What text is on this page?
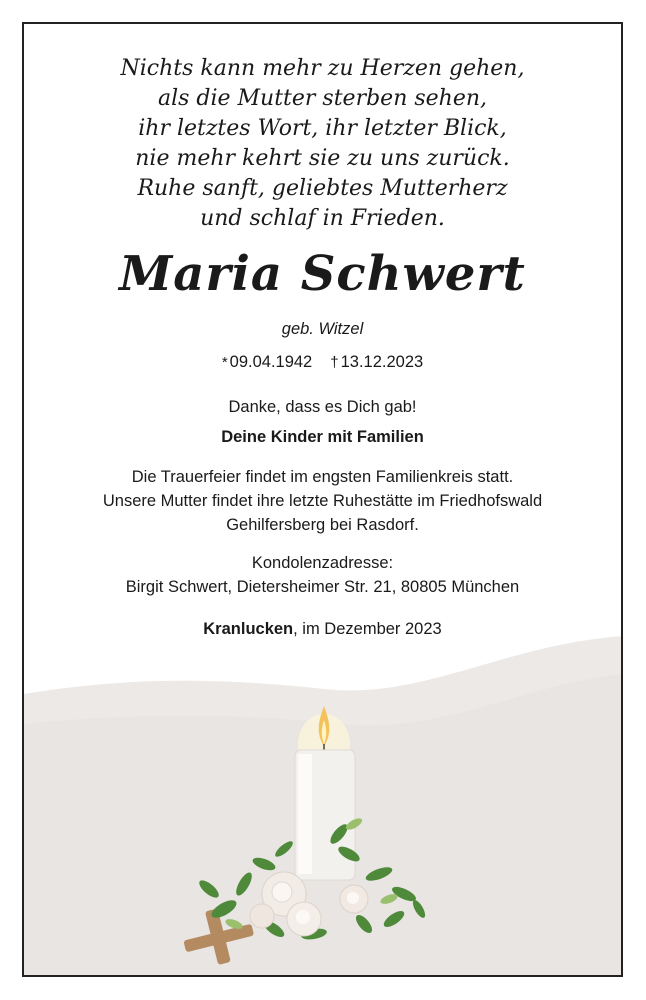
Nichts kann mehr zu Herzen gehen,
als die Mutter sterben sehen,
ihr letztes Wort, ihr letzter Blick,
nie mehr kehrt sie zu uns zurück.
Ruhe sanft, geliebtes Mutterherz
und schlaf in Frieden.
Maria Schwert
geb. Witzel
* 09.04.1942 † 13.12.2023
Danke, dass es Dich gab!
Deine Kinder mit Familien
Die Trauerfeier findet im engsten Familienkreis statt.
Unsere Mutter findet ihre letzte Ruhestätte im Friedhofswald
Gehilfersberg bei Rasdorf.
Kondolenzadresse:
Birgit Schwert, Dietersheimer Str. 21, 80805 München
Kranlucken, im Dezember 2023
